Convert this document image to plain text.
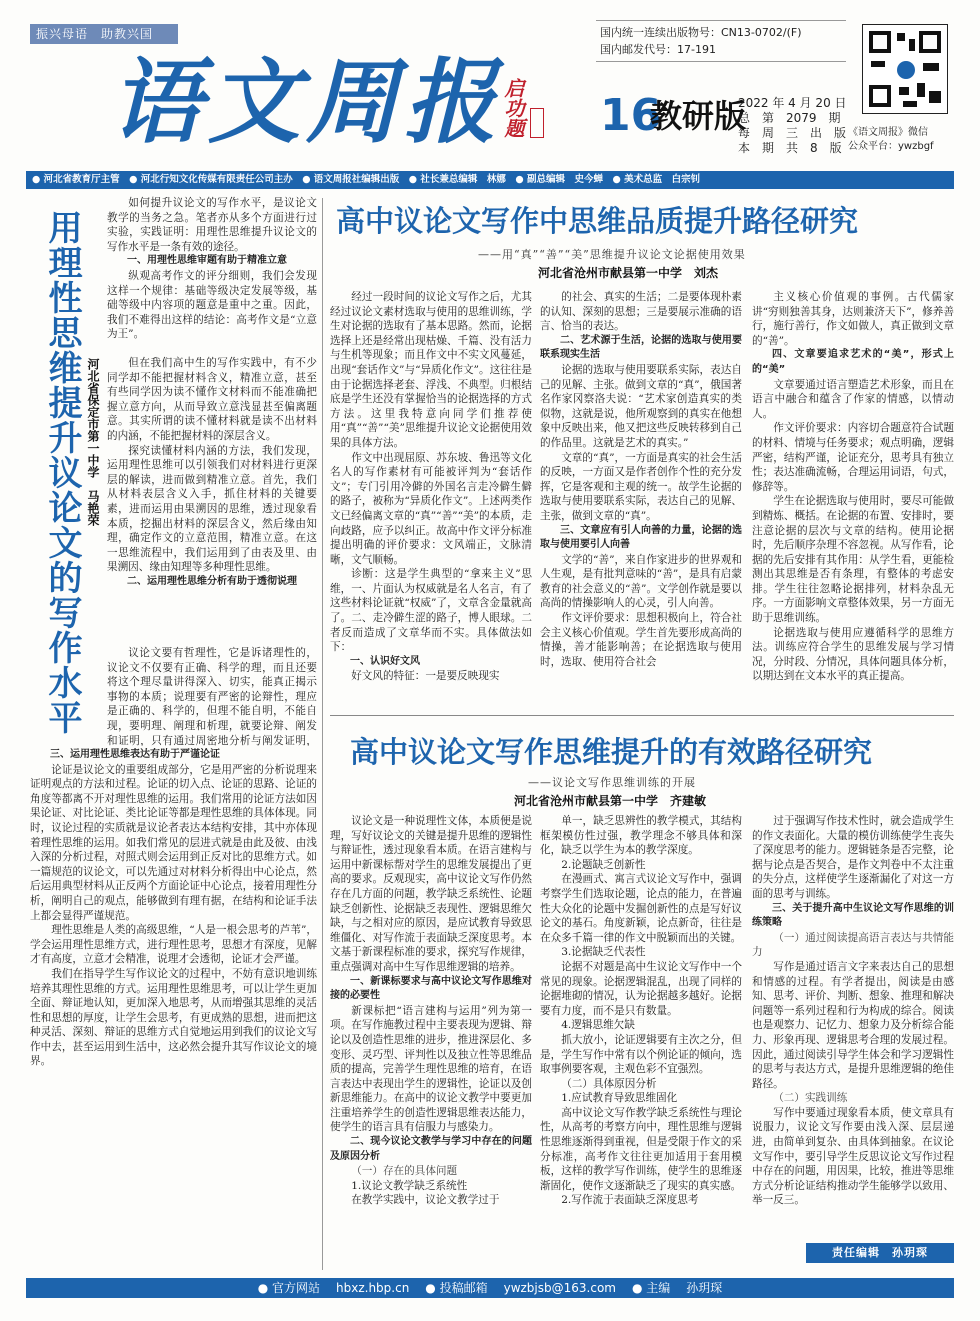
振兴母语　助教兴国
语文周报
启功题
国内统一连续出版物号：CN13-0702/(F)
国内邮发代号：17-191
16
教研版
2022 年 4 月 20 日
总　第　2079　期
每　周　三　出　版
本　期　共　8　版
《语文周报》微信
公众平台：ywzbgf
● 河北省教育厅主管　● 河北行知文化传媒有限责任公司主办　● 语文周报社编辑出版　● 社长兼总编辑　林娜　● 副总编辑　史今蝉　● 美术总监　白宗钊
用理性思维提升议论文的写作水平 河北省保定市第一中学　马艳荣

如何提升议论文的写作水平，是议论文教学的当务之急。笔者亦从多个方面进行过实验，实践证明：用理性思维提升议论文的写作水平是一条有效的途径。

一、用理性思维审题有助于精准立意

纵观高考作文的评分细则，我们会发现这样一个规律：基础等级决定发展等级，基础等级中内容项的题意是重中之重。因此，我们不难得出这样的结论：高考作文是“立意为王”。

但在我们高中生的写作实践中，有不少同学却不能把握材料含义，精准立意，甚至有些同学因为读不懂作文材料而不能准确把握立意方向，从而导致立意浅显甚至偏离题意。其实所谓的读不懂材料就是读不出材料的内涵，不能把握材料的深层含义。

探究读懂材料内涵的方法，我们发现，运用理性思维可以引领我们对材料进行更深层的解读，进而做到精准立意。首先，我们从材料表层含义入手，抓住材料的关键要素，进而运用由果溯因的思维，透过现象看本质，挖掘出材料的深层含义，然后缘由知理，确定作文的立意范围，精准立意。在这一思维流程中，我们运用到了由表及里、由果溯因、缘由知理等多种理性思维。

二、运用理性思维分析有助于透彻说理

议论文要有哲理性，它是诉诸理性的，议论文不仅要有正确、科学的理，而且还要将这个理尽量讲得深入、切实，能真正揭示事物的本质；说理要有严密的论辩性，理应是正确的、科学的，但理不能自明，不能自现，要明理、阐理和析理，就要论辩、阐发和证明，只有通过周密地分析与阐发证明，

三、运用理性思维表达有助于严谨论证

论证是议论文的重要组成部分，它是用严密的分析说理来证明观点的方法和过程。论证的切入点、论证的思路、论证的角度等都离不开对理性思维的运用。我们常用的论证方法如因果论证、对比论证、类比论证等都是理性思维的具体体现。同时，议论过程的实质就是议论者表达本结构安排，其中亦体现着理性思维的运用。如我们常见的层进式就是由此及彼、由浅入深的分析过程，对照式则会运用到正反对比的思维方式。如一篇规范的议论文，可以先通过对材料分析得出中心论点，然后运用典型材料从正反两个方面论证中心论点，接着用理性分析，阐明自己的观点，能够做到有理有据，在结构和论证手法上都会显得严谨规范。

理性思维是人类的高级思维，“人是一根会思考的芦苇”，学会运用理性思维方式，进行理性思考，思想才有深度，见解才有高度，立意才会精准，说理才会透彻，论证才会严谨。

我们在指导学生写作议论文的过程中，不妨有意识地训练培养其理性思维的方式。运用理性思维思考，可以让学生更加全面、辩证地认知，更加深入地思考，从而增强其思维的灵活性和思想的厚度，让学生会思考，有更成熟的思想，进而把这种灵活、深刻、辩证的思维方式自觉地运用到我们的议论文写作中去，甚至运用到生活中，这必然会提升其写作议论文的境界。

高中议论文写作中思维品质提升路径研究
——用“真”“善”“美”思维提升议论文论据使用效果
河北省沧州市献县第一中学　刘杰

经过一段时间的议论文写作之后，尤其经过议论文素材选取与使用的思维训练，学生对论据的选取有了基本思路。然而，论据选择上还是经常出现枯燥、千篇、没有活力与生机等现象；而且作文中不实文风蔓延，出现“套话作文”与“异质化作文”。这往往是由于论据选择老套、浮浅、不典型。归根结底是学生还没有掌握恰当的论据选择的方式方法。这里我特意向同学们推荐使用“真”“善”“美”思维提升议论文论据使用效果的具体方法。

作文中出现屈原、苏东坡、鲁迅等文化名人的写作素材有可能被评判为“套话作文”；专门引用冷僻的外国名言走冷僻生僻的路子，被称为“异质化作文”。上述两类作文已经偏离文章的“真”“善”“美”的本质，走向歧路，应予以纠正。故高中作文评分标准提出明确的评价要求：文风端正，文脉清晰，文气顺畅。

诊断：这是学生典型的“拿来主义”思维，一、片面认为权威就是名人名言，有了这些材料论证就“权威”了，文章含金量就高了。二、走冷僻生涩的路子，博人眼球。二者反而造成了文章华而不实。具体做法如下：

一、认识好文风

好文风的特征：一是要反映现实

的社会、真实的生活；二是要体现朴素的认知、深刻的思想；三是要展示准确的语言、恰当的表达。

二、艺术源于生活，论据的选取与使用要联系现实生活

论据的选取与使用要联系实际，表达自己的见解、主张。做到文章的“真”，俄国著名作家冈察洛夫说：“艺术家创造真实的类似物，这就是说，他所观察到的真实在他想象中反映出来，他又把这些反映转移到自己的作品里。这就是艺术的真实。”

文章的“真”，一方面是真实的社会生活的反映，一方面又是作者创作个性的充分发挥，它是客观和主观的统一。故学生论据的选取与使用要联系实际，表达自己的见解、主张，做到文章的“真”。

三、文章应有引人向善的力量，论据的选取与使用要引人向善

文学的“善”，来自作家进步的世界观和人生观，是有批判意味的“善”，是具有启蒙教育的社会意义的“善”。文学创作就是要以高尚的情操影响人的心灵，引人向善。

作文评价要求：思想积极向上，符合社会主义核心价值观。学生首先要形成高尚的情操，善才能影响善；在论据选取与使用时，选取、使用符合社会

主义核心价值观的事例。古代儒家讲“穷则独善其身，达则兼济天下”，修养善行，施行善行，作文如做人，真正做到文章的“善”。

四、文章要追求艺术的“美”，形式上的“美”

文章要通过语言塑造艺术形象，而且在语言中融合和蕴含了作家的情感，以情动人。

作文评价要求：内容切合题意符合试题的材料、情境与任务要求；观点明确，逻辑严密，结构严谨，论证充分，思考具有独立性；表达准确流畅，合理运用词语，句式，修辞等。

学生在论据选取与使用时，要尽可能做到精炼、概括。在论据的布置、安排时，要注意论据的层次与文章的结构。使用论据时，先后顺序杂理不容忽视。从写作看，论据的先后安排有其作用：从学生看，更能检测出其思维是否有条理，有整体的考虑安排。学生往往忽略论据排列，材料杂乱无序。一方面影响文章整体效果，另一方面无助于思维训练。

论据选取与使用应遵循科学的思维方法。训练应符合学生的思维发展与学习情况，分时段、分情况，具体问题具体分析，以期达到在文本水平的真正提高。

高中议论文写作思维提升的有效路径研究
——议论文写作思维训练的开展
河北省沧州市献县第一中学　齐建敏

议论文是一种说理性文体，本质便是说理，写好议论文的关键是提升思维的逻辑性与辩证性，透过现象看本质。在语言建构与运用中新课标帮对学生的思维发展提出了更高的要求。反观现实，高中议论文写作仍然存在几方面的问题，教学缺乏系统性、论题缺乏创新性、论据缺乏表现性、逻辑思维欠缺，与之相对应的原因，是应试教育导致思维僵化、对写作流于表面缺乏深度思考。本文基于新课程标准的要求，探究写作规律，重点强调对高中生写作思维逻辑的培养。

一、新课标要求与高中议论文写作思维对接的必要性

新课标把“语言建构与运用”列为第一项。在写作施教过程中主要表现为逻辑、辩论以及创造性思维的进步，推进深层化、多变形、灵巧型、评判性以及独立性等思维品质的提高，完善学生理性思维的培育，在语言表达中表现出学生的逻辑性，论证以及创新思维能力。在高中的议论文教学中要更加注重培养学生的创造性逻辑思维表达能力，使学生的语言具有信服力与感染力。

二、现今议论文教学与学习中存在的问题及原因分析

（一）存在的具体问题

1.议论文教学缺乏系统性

在教学实践中，议论文教学过于

单一，缺乏思辨性的教学模式，其结构框架模仿性过强，教学理念不够具体和深化，缺乏以学生为本的教学深度。

2.论题缺乏创新性

在漫画式、寓言式议论文写作中，强调考察学生们选取论题，论点的能力，在普遍性大众化的论题中发掘创新性的点是写好议论文的基石。角度新颖，论点新奇，往往是在众多千篇一律的作文中脱颖而出的关键。

3.论据缺乏代表性

论据不对题是高中生议论文写作中一个常见的现象。论据逻辑混乱，出现了同样的论据堆砌的情况，认为论据越多越好。论据要有力度，而不是只有数量。

4.逻辑思维欠缺

抓大放小，论证逻辑要有主次之分，但是，学生写作中常有以个例论证的倾向，选取事例要客观，主观色彩不宜强烈。

（二）具体原因分析

1.应试教育导致思维固化

高中议论文写作教学缺乏系统性与理论性，从高考的考察方向中，理性思维与逻辑性思维逐渐得到重视，但是受限于作文的采分标准，高考作文往往更加适用于套用模板，这样的教学写作训练，使学生的思维逐渐固化，使作文逐渐缺乏了现实的真实感。

2.写作流于表面缺乏深度思考

过于强调写作技术性时，就会造成学生的作文表面化。大量的模仿训练使学生丧失了深度思考的能力。逻辑链条是否完整，论据与论点是否契合，是作文判卷中不太注重的失分点，这样使学生逐渐漏化了对这一方面的思考与训练。

三、关于提升高中生议论文写作思维的训练策略

（一）通过阅读提高语言表达与共情能力

写作是通过语言文字来表达自己的思想和情感的过程。有学者提出，阅读是由感知、思考、评价、判断、想象、推理和解决问题等一系列过程和行为构成的综合。阅读也是观察力、记忆力、想象力及分析综合能力、形象再现、逻辑思考合理的发展过程。因此，通过阅读引导学生体会和学习逻辑性的思考与表达方式，是提升思维逻辑的绝佳路径。

（二）实践训练

写作中要通过现象看本质，使文章具有说服力，议论文写作要由浅入深、层层递进，由简单到复杂、由具体到抽象。在议论文写作中，要引导学生反思议论文写作过程中存在的问题，用因果，比较，推进等思维方式分析论证结构推动学生能够学以致用、举一反三。

责任编辑　孙玥琛
● 官方网站 hbxz.hbp.cn ● 投稿邮箱 ywzbjsb@163.com ● 主编 孙玥琛
